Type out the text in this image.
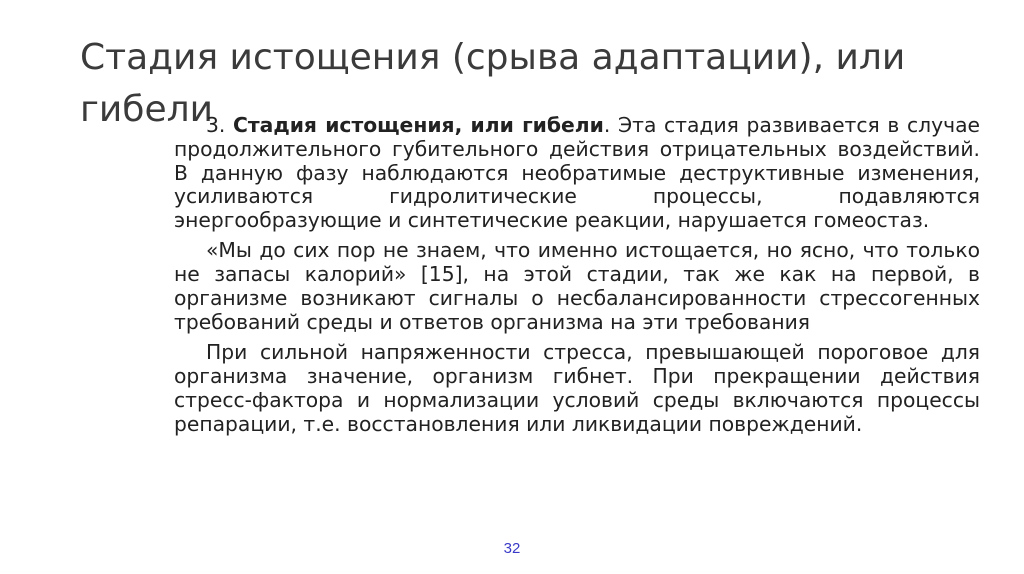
Стадия истощения (срыва адаптации), или гибели

3. Стадия истощения, или гибели. Эта стадия развивается в случае продолжительного губительного действия отрицательных воздействий. В данную фазу наблюдаются необратимые деструктивные изменения, усиливаются гидролитические процессы, подавляются энергообразующие и синтетические реакции, нарушается гомеостаз.

«Мы до сих пор не знаем, что именно истощается, но ясно, что только не запасы калорий» [15], на этой стадии, так же как на первой, в организме возникают сигналы о несбалансированности стрессогенных требований среды и ответов организма на эти требования

При сильной напряженности стресса, превышающей пороговое для организма значение, организм гибнет. При прекращении действия стресс-фактора и нормализации условий среды включаются процессы репарации, т.е. восстановления или ликвидации повреждений.

32
